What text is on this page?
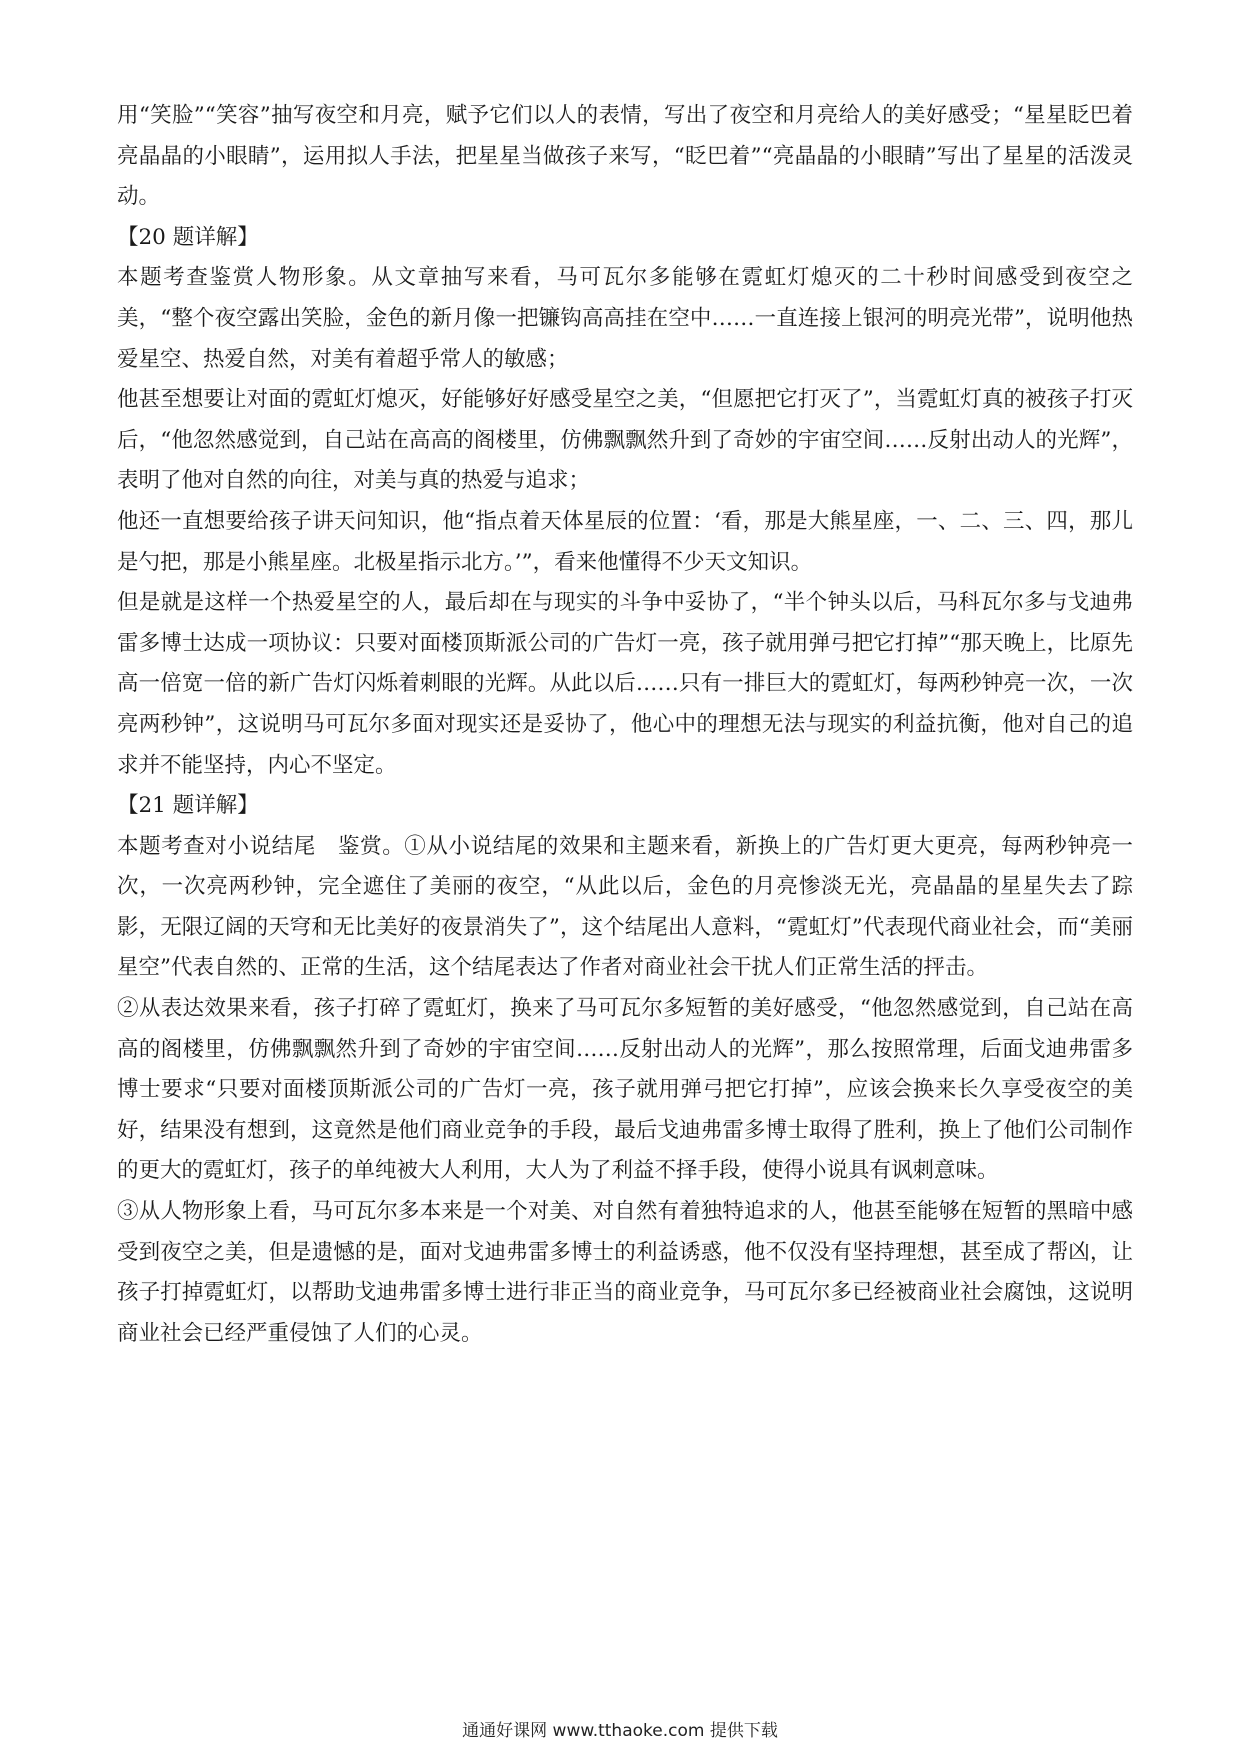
用“笑脸”“笑容”抽写夜空和月亮，赋予它们以人的表情，写出了夜空和月亮给人的美好感受；“星星眨巴着亮晶晶的小眼睛”，运用拟人手法，把星星当做孩子来写，“眨巴着”“亮晶晶的小眼睛”写出了星星的活泼灵动。

【20 题详解】

本题考查鉴赏人物形象。从文章抽写来看，马可瓦尔多能够在霓虹灯熄灭的二十秒时间感受到夜空之美，“整个夜空露出笑脸，金色的新月像一把镰钩高高挂在空中……一直连接上银河的明亮光带”，说明他热爱星空、热爱自然，对美有着超乎常人的敏感；

他甚至想要让对面的霓虹灯熄灭，好能够好好感受星空之美，“但愿把它打灭了”，当霓虹灯真的被孩子打灭后，“他忽然感觉到，自己站在高高的阁楼里，仿佛飘飘然升到了奇妙的宇宙空间……反射出动人的光辉”，表明了他对自然的向往，对美与真的热爱与追求；

他还一直想要给孩子讲天问知识，他“指点着天体星辰的位置：‘看，那是大熊星座，一、二、三、四，那儿是勺把，那是小熊星座。北极星指示北方。’”，看来他懂得不少天文知识。

但是就是这样一个热爱星空的人，最后却在与现实的斗争中妥协了，“半个钟头以后，马科瓦尔多与戈迪弗雷多博士达成一项协议：只要对面楼顶斯派公司的广告灯一亮，孩子就用弹弓把它打掉”“那天晚上，比原先高一倍宽一倍的新广告灯闪烁着刺眼的光辉。从此以后……只有一排巨大的霓虹灯，每两秒钟亮一次，一次亮两秒钟”，这说明马可瓦尔多面对现实还是妥协了，他心中的理想无法与现实的利益抗衡，他对自己的追求并不能坚持，内心不坚定。

【21 题详解】

本题考查对小说结尾　鉴赏。①从小说结尾的效果和主题来看，新换上的广告灯更大更亮，每两秒钟亮一次，一次亮两秒钟，完全遮住了美丽的夜空，“从此以后，金色的月亮惨淡无光，亮晶晶的星星失去了踪影，无限辽阔的天穹和无比美好的夜景消失了”，这个结尾出人意料，“霓虹灯”代表现代商业社会，而“美丽星空”代表自然的、正常的生活，这个结尾表达了作者对商业社会干扰人们正常生活的抨击。

②从表达效果来看，孩子打碎了霓虹灯，换来了马可瓦尔多短暂的美好感受，“他忽然感觉到，自己站在高高的阁楼里，仿佛飘飘然升到了奇妙的宇宙空间……反射出动人的光辉”，那么按照常理，后面戈迪弗雷多博士要求“只要对面楼顶斯派公司的广告灯一亮，孩子就用弹弓把它打掉”，应该会换来长久享受夜空的美好，结果没有想到，这竟然是他们商业竞争的手段，最后戈迪弗雷多博士取得了胜利，换上了他们公司制作的更大的霓虹灯，孩子的单纯被大人利用，大人为了利益不择手段，使得小说具有讽刺意味。

③从人物形象上看，马可瓦尔多本来是一个对美、对自然有着独特追求的人，他甚至能够在短暂的黑暗中感受到夜空之美，但是遗憾的是，面对戈迪弗雷多博士的利益诱惑，他不仅没有坚持理想，甚至成了帮凶，让孩子打掉霓虹灯，以帮助戈迪弗雷多博士进行非正当的商业竞争，马可瓦尔多已经被商业社会腐蚀，这说明商业社会已经严重侵蚀了人们的心灵。

通通好课网 www.tthaoke.com 提供下载
